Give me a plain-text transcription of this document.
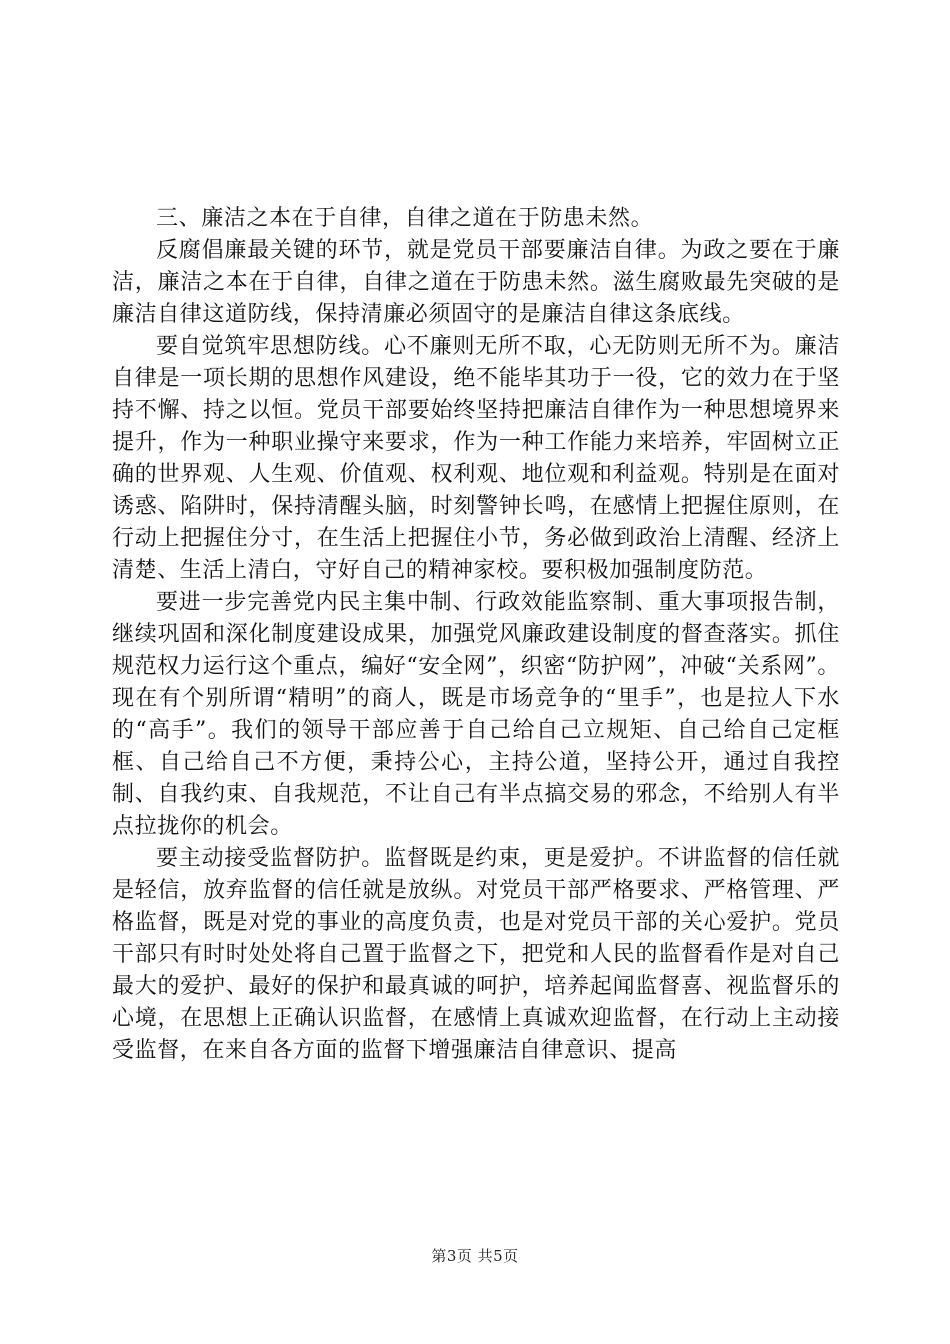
三、廉洁之本在于自律，自律之道在于防患未然。

反腐倡廉最关键的环节，就是党员干部要廉洁自律。为政之要在于廉洁，廉洁之本在于自律，自律之道在于防患未然。滋生腐败最先突破的是廉洁自律这道防线，保持清廉必须固守的是廉洁自律这条底线。

要自觉筑牢思想防线。心不廉则无所不取，心无防则无所不为。廉洁自律是一项长期的思想作风建设，绝不能毕其功于一役，它的效力在于坚持不懈、持之以恒。党员干部要始终坚持把廉洁自律作为一种思想境界来提升，作为一种职业操守来要求，作为一种工作能力来培养，牢固树立正确的世界观、人生观、价值观、权利观、地位观和利益观。特别是在面对诱惑、陷阱时，保持清醒头脑，时刻警钟长鸣，在感情上把握住原则，在行动上把握住分寸，在生活上把握住小节，务必做到政治上清醒、经济上清楚、生活上清白，守好自己的精神家校。要积极加强制度防范。

要进一步完善党内民主集中制、行政效能监察制、重大事项报告制，继续巩固和深化制度建设成果，加强党风廉政建设制度的督查落实。抓住规范权力运行这个重点，编好“安全网”，织密“防护网”，冲破“关系网”。现在有个别所谓“精明”的商人，既是市场竞争的“里手”，也是拉人下水的“高手”。我们的领导干部应善于自己给自己立规矩、自己给自己定框框、自己给自己不方便，秉持公心，主持公道，坚持公开，通过自我控制、自我约束、自我规范，不让自己有半点搞交易的邪念，不给别人有半点拉拢你的机会。

要主动接受监督防护。监督既是约束，更是爱护。不讲监督的信任就是轻信，放弃监督的信任就是放纵。对党员干部严格要求、严格管理、严格监督，既是对党的事业的高度负责，也是对党员干部的关心爱护。党员干部只有时时处处将自己置于监督之下，把党和人民的监督看作是对自己最大的爱护、最好的保护和最真诚的呵护，培养起闻监督喜、视监督乐的心境，在思想上正确认识监督，在感情上真诚欢迎监督，在行动上主动接受监督，在来自各方面的监督下增强廉洁自律意识、提高

第3页 共5页
